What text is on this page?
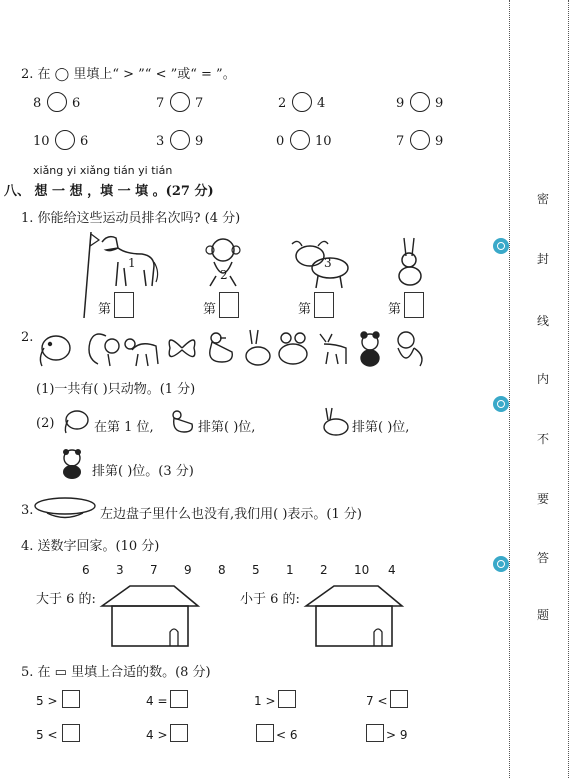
密
封
线
内
不
要
答
题
2. 在 ◯ 里填上“ > ”“ < ”或“ = ”。
8 6	7 7	2 4	9 9
10 6	3 9	0 10	7 9
xiǎng yi xiǎng tián yi tián
八、 想 一 想 ，填 一 填 。(27 分)
1. 你能给这些运动员排名次吗? (4 分)
1
2
3
第	第	第	第
2.
(1)一共有( )只动物。(1 分)
(2)	在第 1 位,	排第( )位,	排第( )位,
排第( )位。(3 分)
3.	左边盘子里什么也没有,我们用( )表示。(1 分)
4. 送数字回家。(10 分)
6 3 7 9 8 5 1 2 10 4
大于 6 的:	小于 6 的:
5. 在 ▭ 里填上合适的数。(8 分)
5 >	4 =	1 >	7 <
5 <	4 >	< 6	> 9
